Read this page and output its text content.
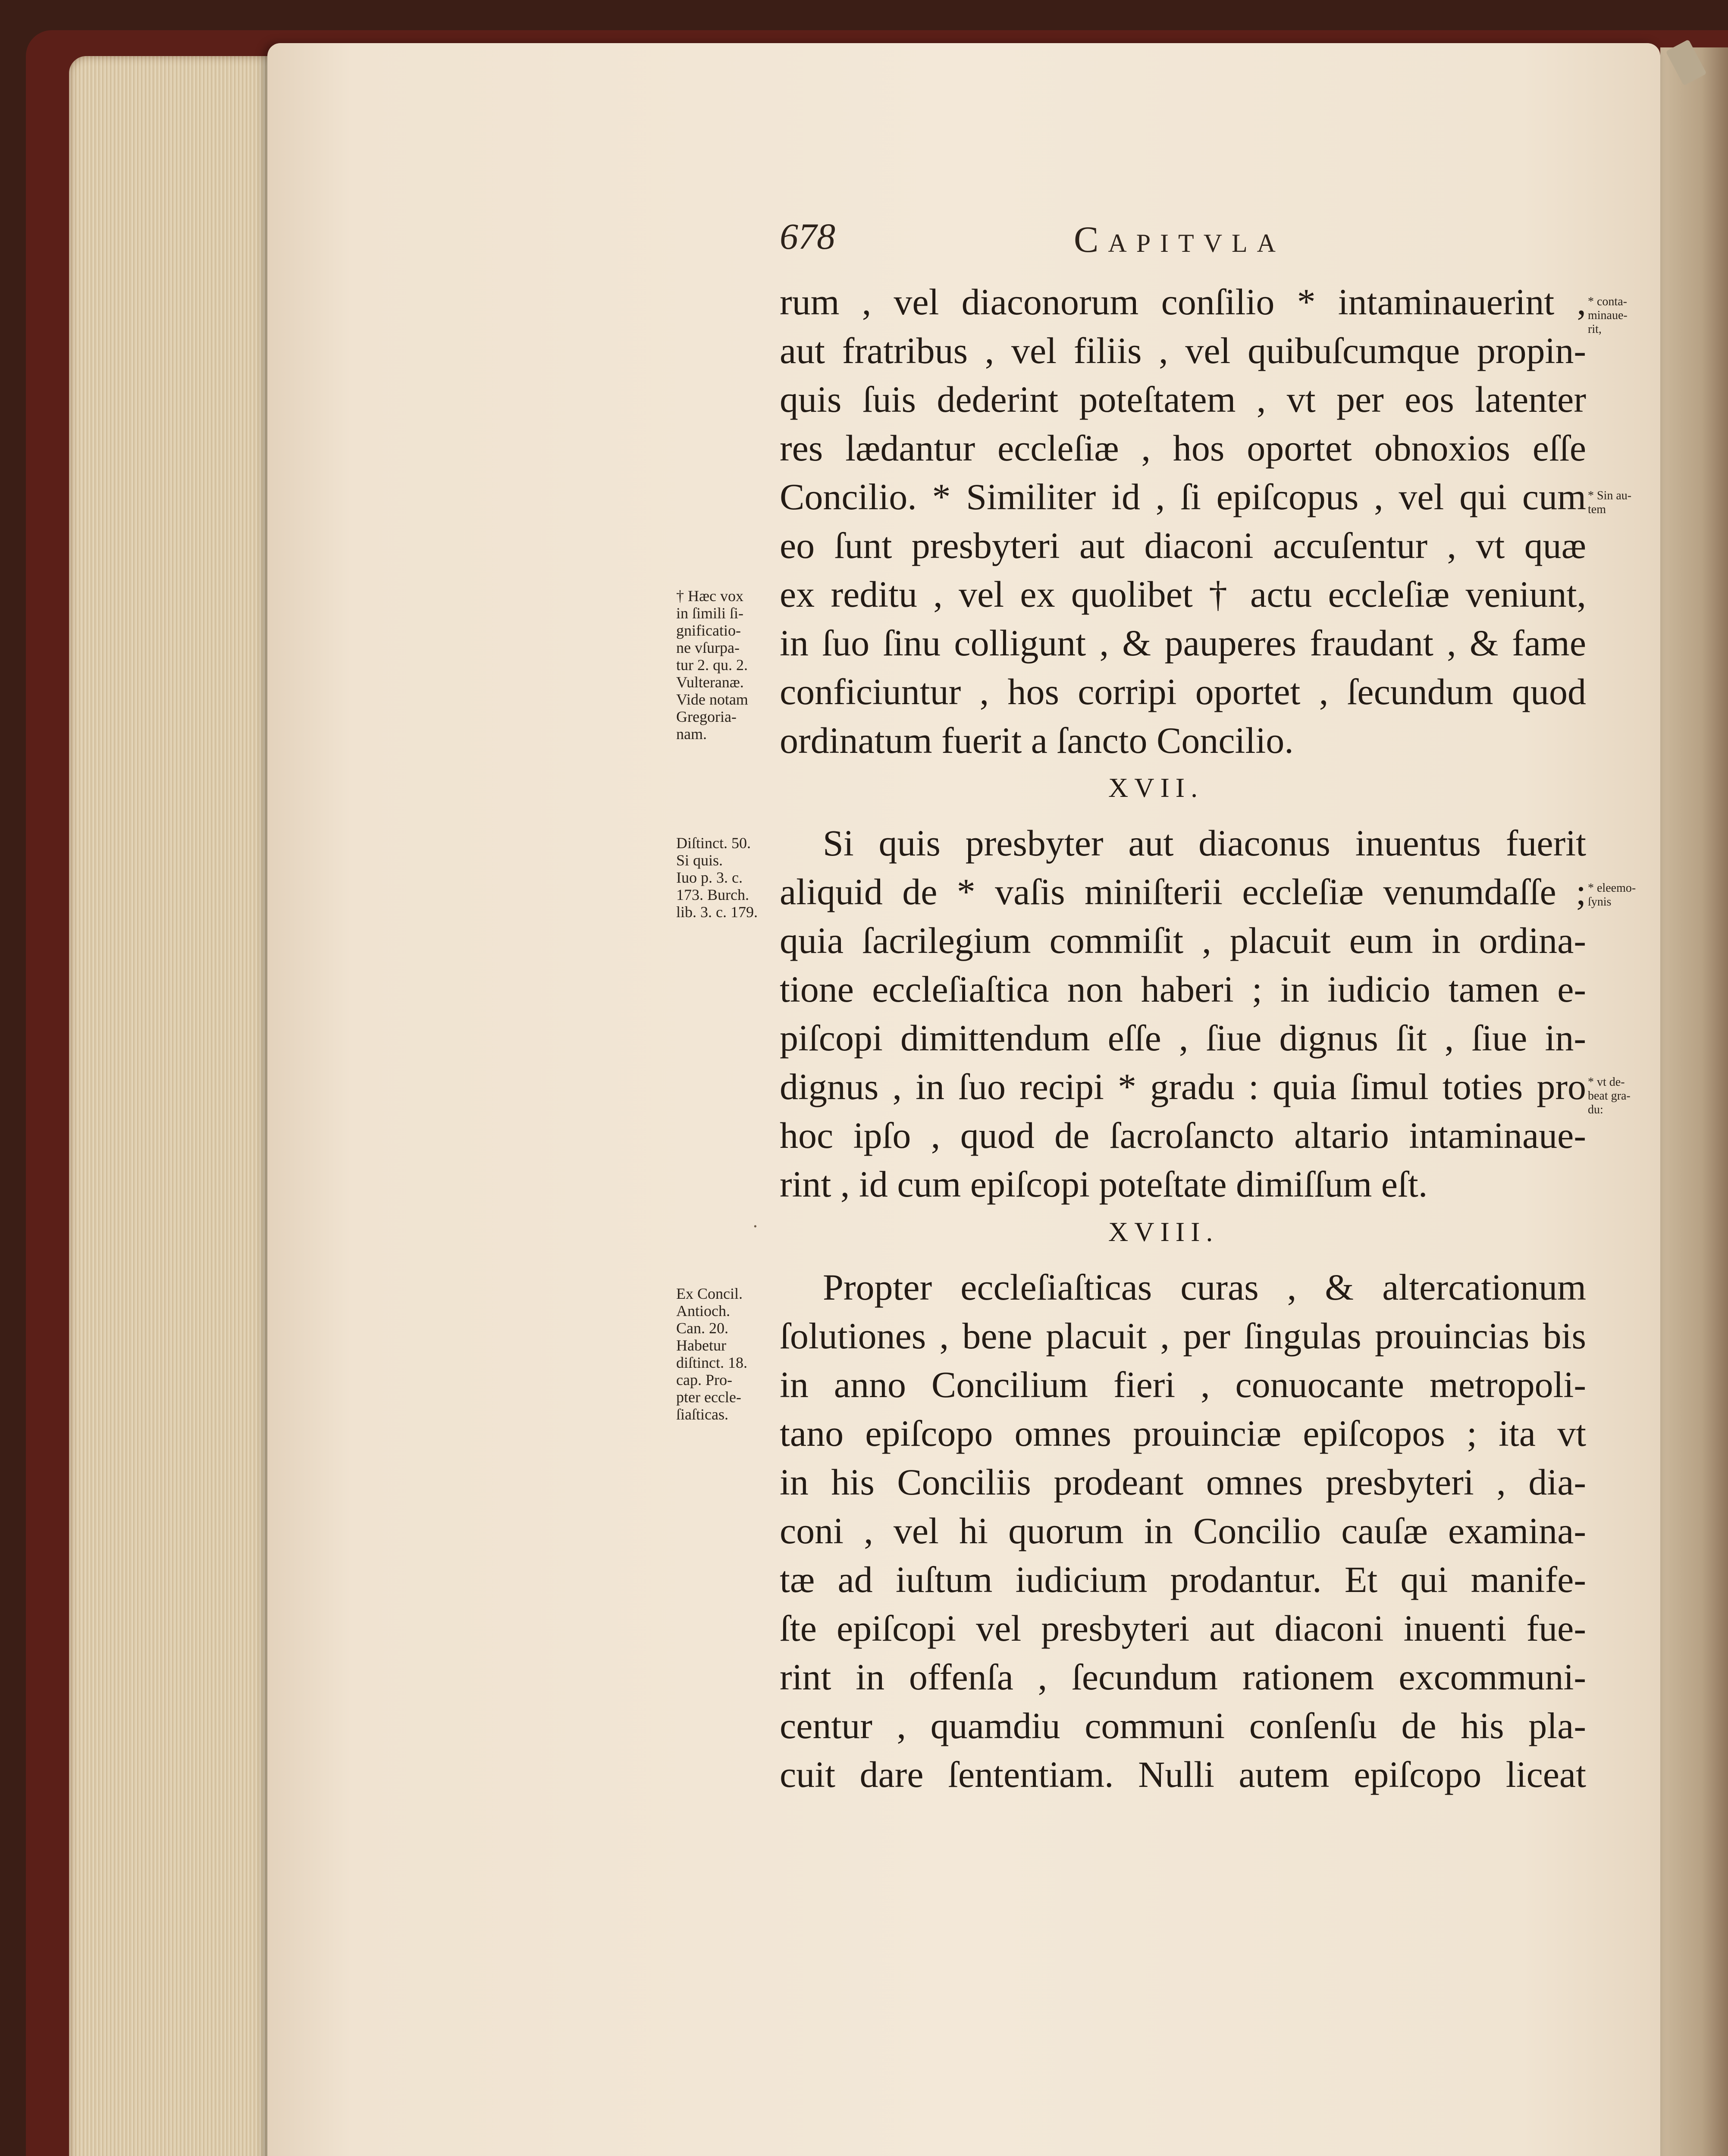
678	Capitvla
rum , vel diaconorum conſilio * intaminauerint ,
aut fratribus , vel filiis , vel quibuſcumque propin-
quis ſuis dederint poteſtatem , vt per eos latenter
res lædantur eccleſiæ , hos oportet obnoxios eſſe
Concilio. * Similiter id , ſi epiſcopus , vel qui cum
eo ſunt presbyteri aut diaconi accuſentur , vt quæ
ex reditu , vel ex quolibet † actu eccleſiæ veniunt,
in ſuo ſinu colligunt , & pauperes fraudant , & fame
conficiuntur , hos corripi oportet , ſecundum quod
ordinatum fuerit a ſancto Concilio.
XVII.
Si quis presbyter aut diaconus inuentus fuerit
aliquid de * vaſis miniſterii eccleſiæ venumdaſſe ;
quia ſacrilegium commiſit , placuit eum in ordina-
tione eccleſiaſtica non haberi ; in iudicio tamen e-
piſcopi dimittendum eſſe , ſiue dignus ſit , ſiue in-
dignus , in ſuo recipi * gradu : quia ſimul toties pro
hoc ipſo , quod de ſacroſancto altario intaminaue-
rint , id cum epiſcopi poteſtate dimiſſum eſt.
.	XVIII.
Propter eccleſiaſticas curas , & altercationum
ſolutiones , bene placuit , per ſingulas prouincias bis
in anno Concilium fieri , conuocante metropoli-
tano epiſcopo omnes prouinciæ epiſcopos ; ita vt
in his Conciliis prodeant omnes presbyteri , dia-
coni , vel hi quorum in Concilio cauſæ examina-
tæ ad iuſtum iudicium prodantur. Et qui manife-
ſte epiſcopi vel presbyteri aut diaconi inuenti fue-
rint in offenſa , ſecundum rationem excommuni-
centur , quamdiu communi conſenſu de his pla-
cuit dare ſententiam. Nulli autem epiſcopo liceat
† Hæc vox
in ſimili ſi-
gnificatio-
ne vſurpa-
tur 2. qu. 2.
Vulteranæ.
Vide notam
Gregoria-
nam.
Diſtinct. 50.
Si quis.
Iuo p. 3. c.
173. Burch.
lib. 3. c. 179.
Ex Concil.
Antioch.
Can. 20.
Habetur
diſtinct. 18.
cap. Pro-
pter eccle-
ſiaſticas.
* conta-
minaue-
rit,
* Sin au-
tem
* eleemo-
ſynis
* vt de-
beat gra-
du:
